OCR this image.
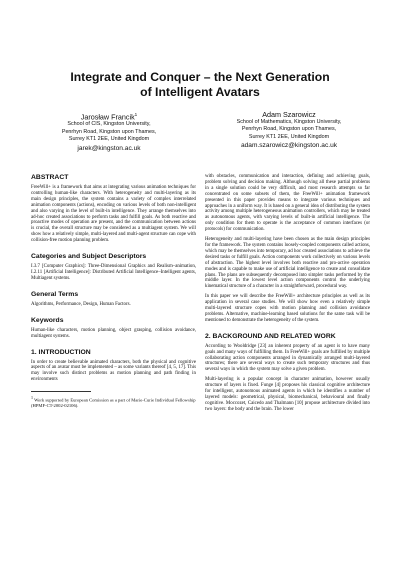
Integrate and Conquer – the Next Generation
of Intelligent Avatars
Jarosław Francik$^1$
School of CIS, Kingston University,
Penrhyn Road, Kingston upon Thames,
Surrey KT1 2EE, United Kingdom
jarek@kingston.ac.uk
Adam Szarowicz
School of Mathematics, Kingston University,
Penrhyn Road, Kingston upon Thames,
Surrey KT1 2EE, United Kingdom
adam.szarowicz@kingston.ac.uk
ABSTRACT

FreeWill+ is a framework that aims at integrating various animation techniques for controlling human-like characters. With heterogeneity and multi-layering as its main design principles, the system contains a variety of complex interrelated animation components (actions), encoding on various levels of both non-intelligent and also varying in the level of built-in intelligence. They arrange themselves into ad-hoc created associations to perform tasks and fulfill goals. As both reactive and proactive modes of operation are present, and the communication between actions is crucial, the overall structure may be considered as a multiagent system. We will show how a relatively simple, multi-layered and multi-agent structure can cope with collision-free motion planning problem.

Categories and Subject Descriptors

I.3.7 [Computer Graphics]: Three-Dimensional Graphics and Realism–animation, I.2.11 [Artificial Intelligence]: Distributed Artificial Intelligence–Intelligent agents, Multiagent systems.

General Terms

Algorithms, Performance, Design, Human Factors.

Keywords

Human-like characters, motion planning, object grasping, collision avoidance, multiagent systems.

1. INTRODUCTION

In order to create believable animated characters, both the physical and cognitive aspects of an avatar must be implemented – as some variants thereof [4, 5, 17]. This may involve such distinct problems as motion planning and path finding in environments

$^1$ Work supported by European Comission as a part of Marie-Curie Individual Fellowship (HPMF-CT-2002-02106).

with obstacles, communication and interaction, defining and achieving goals, problem solving and decision making. Although solving all these partial problems in a single solution could be very difficult, and most research attempts so far concentrated on some subsets of them, the FreeWill+ animation framework presented in this paper provides means to integrate various techniques and approaches in a uniform way. It is based on a general idea of distributing the system activity among multiple heterogeneous animation controllers, which may be treated as autonomous agents, with varying levels of built-in artificial intelligence. The only condition for them to operate is the acceptance of common interfaces (or protocols) for communication.

Heterogeneity and multi-layering have been chosen as the main design principles for the framework. The system contains loosely-coupled components called actions, which may be themselves into temporary, ad hoc created associations to achieve the desired tasks or fulfill goals. Action components work collectively on various levels of abstraction. The highest level involves both reactive and pro-active operation modes and is capable to make use of artificial intelligence to create and consolidate plans. The plans are subsequently decomposed into simpler tasks performed by the middle layer. In the lowest level action components control the underlying kinematical structure of a character in a straightforward, procedural way.

In this paper we will describe the FreeWill+ architecture principles as well as its application in several case studies. We will show how even a relatively simple multi-layered structure copes with motion planning and collision avoidance problems. Alternative, machine-learning based solutions for the same task will be mentioned to demonstrate the heterogeneity of the system.

2. BACKGROUND AND RELATED WORK

According to Wooldridge [23] an inherent property of an agent is to have many goals and many ways of fulfilling them. In FreeWill+ goals are fulfilled by multiple collaborating action components arranged in dynamically arranged multi-layered structures; there are several ways to create such temporary structures and thus several ways in which the system may solve a given problem.

Multi-layering is a popular concept in character animation, however usually structure of layers is fixed. Funge [4] proposes his classical cognitive architecture for intelligent, autonomous animated agents in which he identifies a number of layered models: geometrical, physical, biomechanical, behavioural and finally cognitive. Moccozet, Caicedo and Thalmann [10] propose architecture divided into two layers: the body and the brain. The lower
